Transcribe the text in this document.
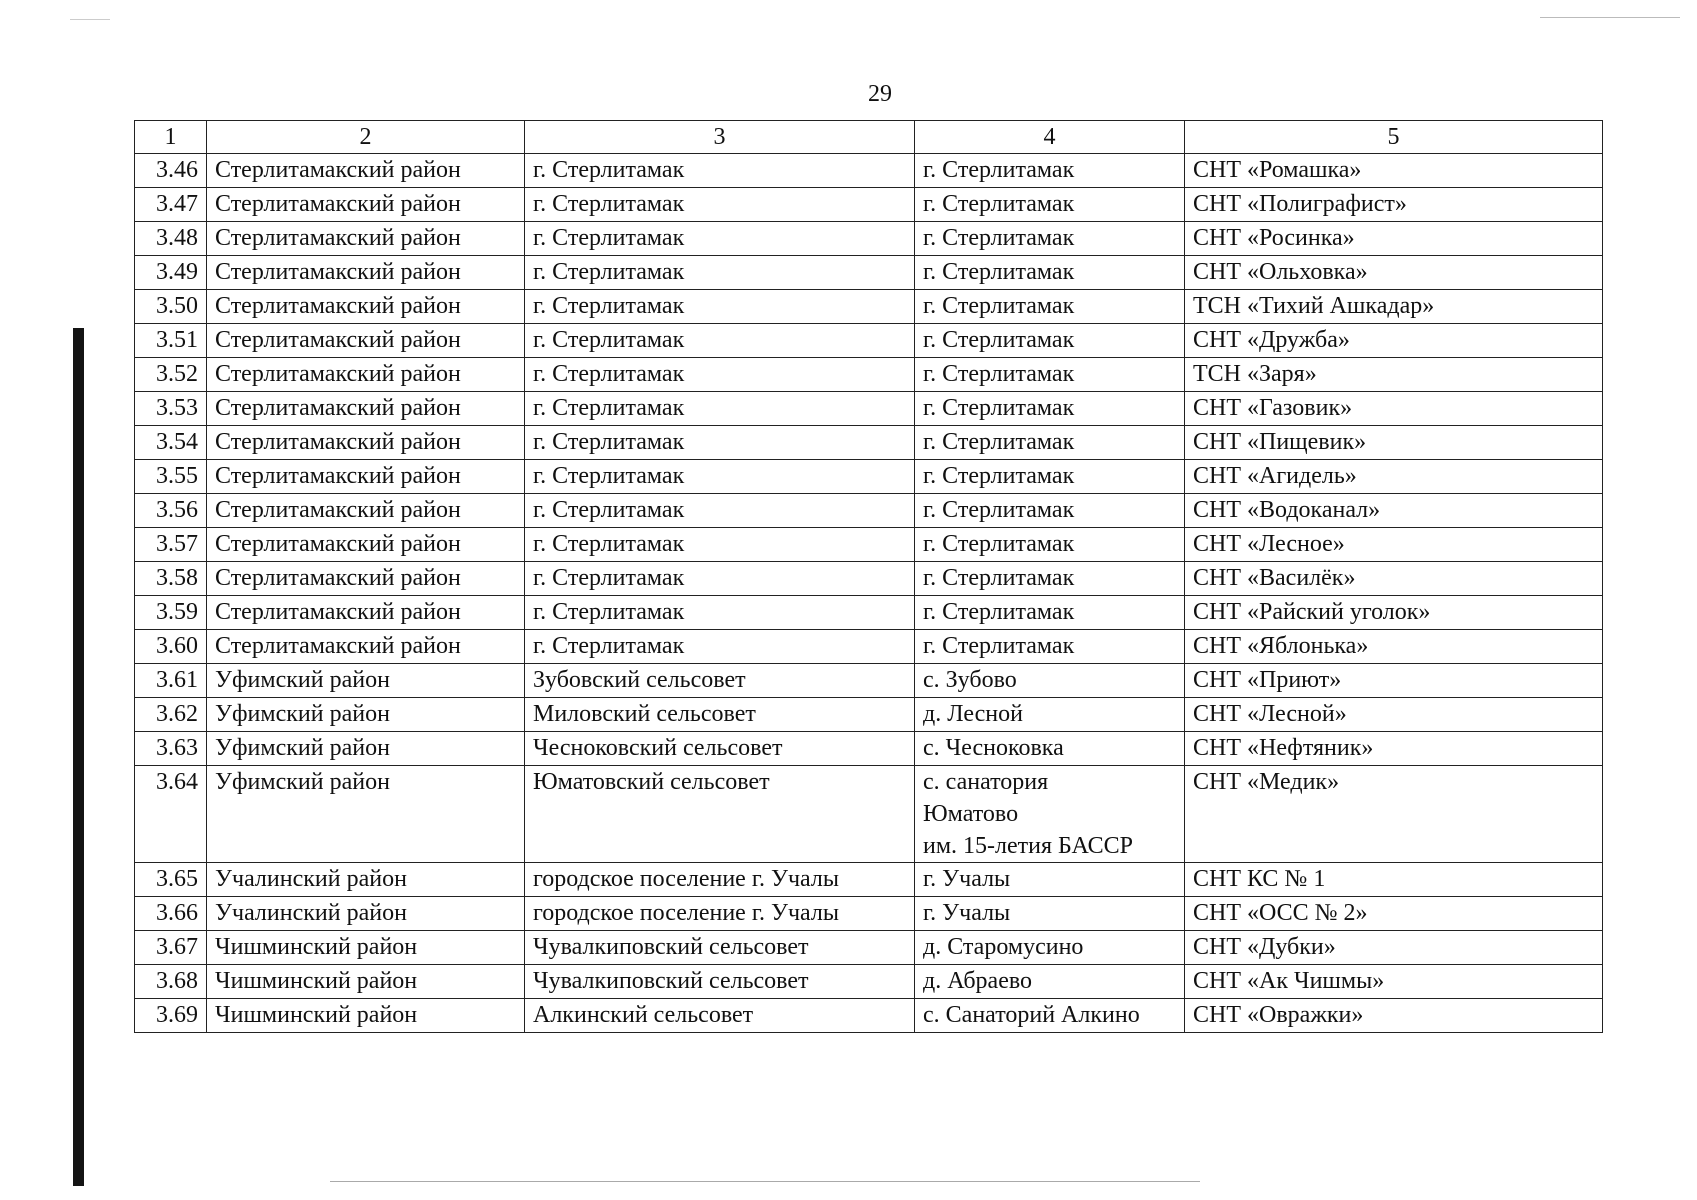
29
1	2	3	4	5
3.46	Стерлитамакский район	г. Стерлитамак	г. Стерлитамак	СНТ «Ромашка»
3.47	Стерлитамакский район	г. Стерлитамак	г. Стерлитамак	СНТ «Полиграфист»
3.48	Стерлитамакский район	г. Стерлитамак	г. Стерлитамак	СНТ «Росинка»
3.49	Стерлитамакский район	г. Стерлитамак	г. Стерлитамак	СНТ «Ольховка»
3.50	Стерлитамакский район	г. Стерлитамак	г. Стерлитамак	ТСН «Тихий Ашкадар»
3.51	Стерлитамакский район	г. Стерлитамак	г. Стерлитамак	СНТ «Дружба»
3.52	Стерлитамакский район	г. Стерлитамак	г. Стерлитамак	ТСН «Заря»
3.53	Стерлитамакский район	г. Стерлитамак	г. Стерлитамак	СНТ «Газовик»
3.54	Стерлитамакский район	г. Стерлитамак	г. Стерлитамак	СНТ «Пищевик»
3.55	Стерлитамакский район	г. Стерлитамак	г. Стерлитамак	СНТ «Агидель»
3.56	Стерлитамакский район	г. Стерлитамак	г. Стерлитамак	СНТ «Водоканал»
3.57	Стерлитамакский район	г. Стерлитамак	г. Стерлитамак	СНТ «Лесное»
3.58	Стерлитамакский район	г. Стерлитамак	г. Стерлитамак	СНТ «Василёк»
3.59	Стерлитамакский район	г. Стерлитамак	г. Стерлитамак	СНТ «Райский уголок»
3.60	Стерлитамакский район	г. Стерлитамак	г. Стерлитамак	СНТ «Яблонька»
3.61	Уфимский район	Зубовский сельсовет	с. Зубово	СНТ «Приют»
3.62	Уфимский район	Миловский сельсовет	д. Лесной	СНТ «Лесной»
3.63	Уфимский район	Чесноковский сельсовет	с. Чесноковка	СНТ «Нефтяник»
3.64	Уфимский район	Юматовский сельсовет	с. санатория
Юматово
им. 15-летия БАССР	СНТ «Медик»
3.65	Учалинский район	городское поселение г. Учалы	г. Учалы	СНТ КС № 1
3.66	Учалинский район	городское поселение г. Учалы	г. Учалы	СНТ «ОСС № 2»
3.67	Чишминский район	Чувалкиповский сельсовет	д. Старомусино	СНТ «Дубки»
3.68	Чишминский район	Чувалкиповский сельсовет	д. Абраево	СНТ «Ак Чишмы»
3.69	Чишминский район	Алкинский сельсовет	с. Санаторий Алкино	СНТ «Овражки»
